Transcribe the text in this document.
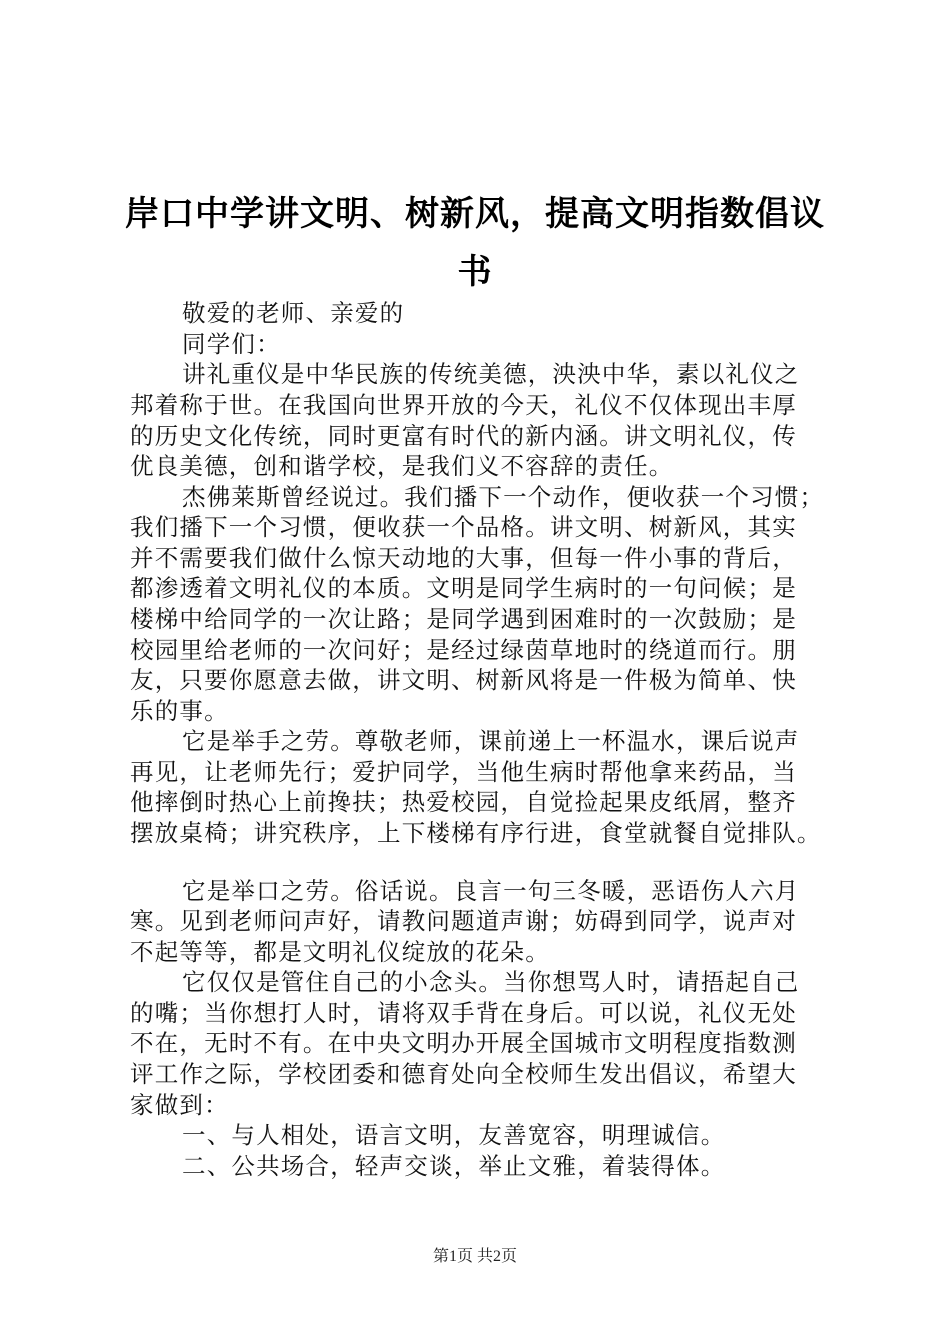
岸口中学讲文明、树新风，提高文明指数倡议
书
敬爱的老师、亲爱的
同学们：
讲礼重仪是中华民族的传统美德，泱泱中华，素以礼仪之
邦着称于世。在我国向世界开放的今天，礼仪不仅体现出丰厚
的历史文化传统，同时更富有时代的新内涵。讲文明礼仪，传
优良美德，创和谐学校，是我们义不容辞的责任。
杰佛莱斯曾经说过。我们播下一个动作，便收获一个习惯；
我们播下一个习惯，便收获一个品格。讲文明、树新风，其实
并不需要我们做什么惊天动地的大事，但每一件小事的背后，
都渗透着文明礼仪的本质。文明是同学生病时的一句问候；是
楼梯中给同学的一次让路；是同学遇到困难时的一次鼓励；是
校园里给老师的一次问好；是经过绿茵草地时的绕道而行。朋
友，只要你愿意去做，讲文明、树新风将是一件极为简单、快
乐的事。
它是举手之劳。尊敬老师，课前递上一杯温水，课后说声
再见，让老师先行；爱护同学，当他生病时帮他拿来药品，当
他摔倒时热心上前搀扶；热爱校园，自觉捡起果皮纸屑，整齐
摆放桌椅；讲究秩序，上下楼梯有序行进，食堂就餐自觉排队。
它是举口之劳。俗话说。良言一句三冬暖，恶语伤人六月
寒。见到老师问声好，请教问题道声谢；妨碍到同学，说声对
不起等等，都是文明礼仪绽放的花朵。
它仅仅是管住自己的小念头。当你想骂人时，请捂起自己
的嘴；当你想打人时，请将双手背在身后。可以说，礼仪无处
不在，无时不有。在中央文明办开展全国城市文明程度指数测
评工作之际，学校团委和德育处向全校师生发出倡议，希望大
家做到：
一、与人相处，语言文明，友善宽容，明理诚信。
二、公共场合，轻声交谈，举止文雅，着装得体。
第1页 共2页
